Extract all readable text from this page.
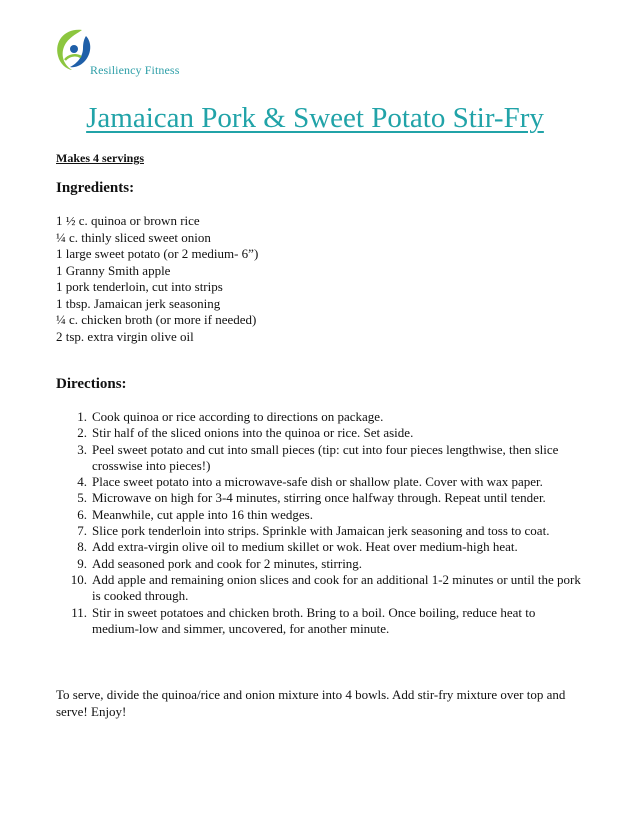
Resiliency Fitness
Jamaican Pork & Sweet Potato Stir-Fry
Makes 4 servings
Ingredients:
1 ½ c. quinoa or brown rice
¼ c. thinly sliced sweet onion
1 large sweet potato (or 2 medium- 6”)
1 Granny Smith apple
1 pork tenderloin, cut into strips
1 tbsp. Jamaican jerk seasoning
¼ c. chicken broth (or more if needed)
2 tsp. extra virgin olive oil
Directions:
1. Cook quinoa or rice according to directions on package.
2. Stir half of the sliced onions into the quinoa or rice. Set aside.
3. Peel sweet potato and cut into small pieces (tip: cut into four pieces lengthwise, then slice crosswise into pieces!)
4. Place sweet potato into a microwave-safe dish or shallow plate. Cover with wax paper.
5. Microwave on high for 3-4 minutes, stirring once halfway through. Repeat until tender.
6. Meanwhile, cut apple into 16 thin wedges.
7. Slice pork tenderloin into strips. Sprinkle with Jamaican jerk seasoning and toss to coat.
8. Add extra-virgin olive oil to medium skillet or wok. Heat over medium-high heat.
9. Add seasoned pork and cook for 2 minutes, stirring.
10. Add apple and remaining onion slices and cook for an additional 1-2 minutes or until the pork is cooked through.
11. Stir in sweet potatoes and chicken broth. Bring to a boil. Once boiling, reduce heat to medium-low and simmer, uncovered, for another minute.

To serve, divide the quinoa/rice and onion mixture into 4 bowls. Add stir-fry mixture over top and serve! Enjoy!
